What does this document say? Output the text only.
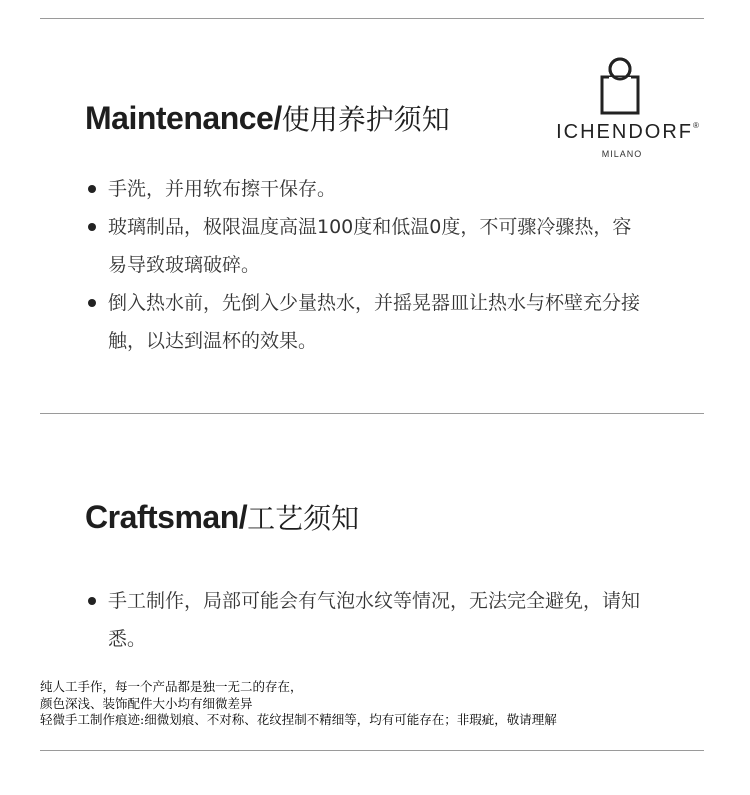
Maintenance/使用养护须知	ICHENDORF®
MILANO
手洗，并用软布擦干保存。
玻璃制品，极限温度高温100度和低温0度，不可骤冷骤热，容易导致玻璃破碎。
倒入热水前，先倒入少量热水，并摇晃器皿让热水与杯壁充分接触，以达到温杯的效果。
Craftsman/工艺须知
手工制作，局部可能会有气泡水纹等情况，无法完全避免，请知悉。
纯人工手作，每一个产品都是独一无二的存在，
颜色深浅、装饰配件大小均有细微差异
轻微手工制作痕迹:细微划痕、不对称、花纹捏制不精细等，均有可能存在；非瑕疵，敬请理解
